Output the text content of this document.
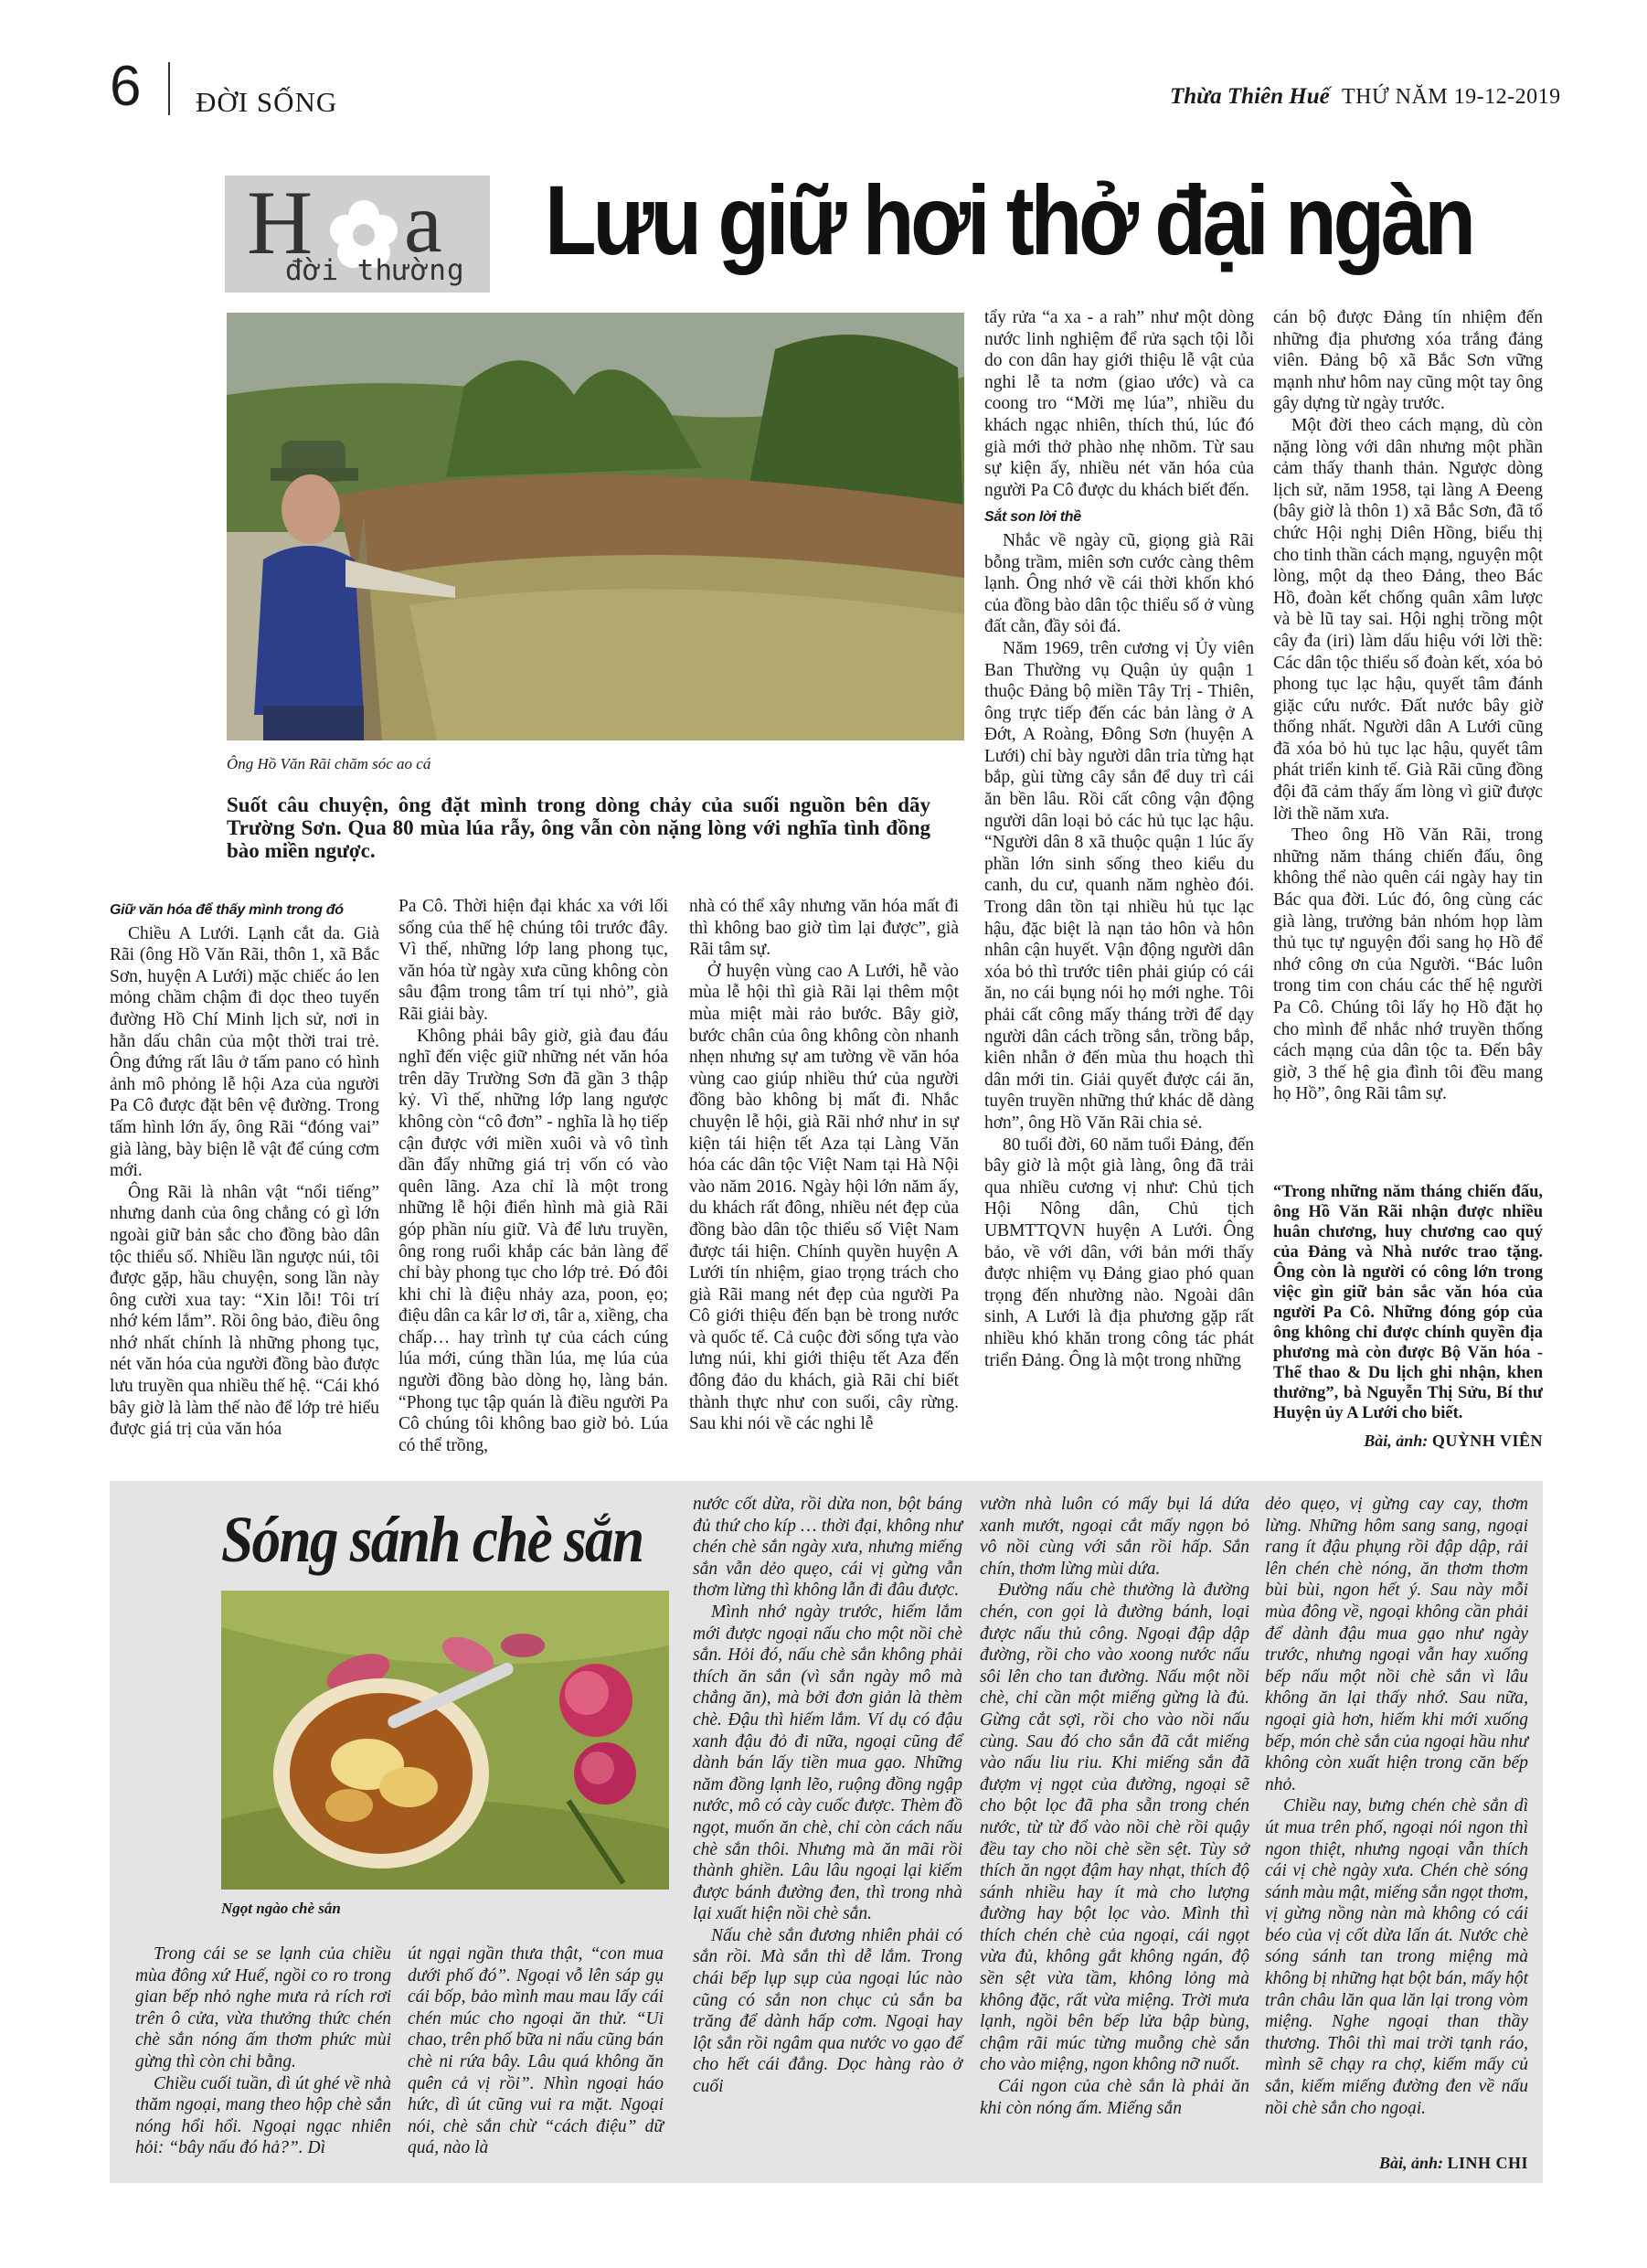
6 ĐỜI SỐNG	Thừa Thiên Huế THỨ NĂM 19-12-2019
H a
đời thường Lưu giữ hơi thở đại ngàn
Ông Hồ Văn Rãi chăm sóc ao cá
Suốt câu chuyện, ông đặt mình trong dòng chảy của suối nguồn bên dãy Trường Sơn. Qua 80 mùa lúa rẫy, ông vẫn còn nặng lòng với nghĩa tình đồng bào miền ngược.
Giữ văn hóa để thấy mình trong đó

Chiều A Lưới. Lạnh cắt da. Già Rãi (ông Hồ Văn Rãi, thôn 1, xã Bắc Sơn, huyện A Lưới) mặc chiếc áo len mỏng chầm chậm đi dọc theo tuyến đường Hồ Chí Minh lịch sử, nơi in hằn dấu chân của một thời trai trẻ. Ông đứng rất lâu ở tấm pano có hình ảnh mô phỏng lễ hội Aza của người Pa Cô được đặt bên vệ đường. Trong tấm hình lớn ấy, ông Rãi “đóng vai” già làng, bày biện lễ vật để cúng cơm mới.

Ông Rãi là nhân vật “nổi tiếng” nhưng danh của ông chẳng có gì lớn ngoài giữ bản sắc cho đồng bào dân tộc thiểu số. Nhiều lần ngược núi, tôi được gặp, hầu chuyện, song lần này ông cười xua tay: “Xin lỗi! Tôi trí nhớ kém lắm”. Rồi ông bảo, điều ông nhớ nhất chính là những phong tục, nét văn hóa của người đồng bào được lưu truyền qua nhiều thế hệ. “Cái khó bây giờ là làm thế nào để lớp trẻ hiểu được giá trị của văn hóa

Pa Cô. Thời hiện đại khác xa với lối sống của thế hệ chúng tôi trước đây. Vì thế, những lớp lang phong tục, văn hóa từ ngày xưa cũng không còn sâu đậm trong tâm trí tụi nhỏ”, già Rãi giải bày.

Không phải bây giờ, già đau đáu nghĩ đến việc giữ những nét văn hóa trên dãy Trường Sơn đã gần 3 thập kỷ. Vì thế, những lớp lang ngược không còn “cô đơn” - nghĩa là họ tiếp cận được với miền xuôi và vô tình dần đẩy những giá trị vốn có vào quên lãng. Aza chỉ là một trong những lễ hội điển hình mà già Rãi góp phần níu giữ. Và để lưu truyền, ông rong ruổi khắp các bản làng để chỉ bày phong tục cho lớp trẻ. Đó đôi khi chỉ là điệu nhảy aza, poon, ẹo; điệu dân ca kâr lơ ơi, târ a, xiềng, cha chấp… hay trình tự của cách cúng lúa mới, cúng thần lúa, mẹ lúa của người đồng bào dòng họ, làng bản. “Phong tục tập quán là điều người Pa Cô chúng tôi không bao giờ bỏ. Lúa có thể trồng,

nhà có thể xây nhưng văn hóa mất đi thì không bao giờ tìm lại được”, già Rãi tâm sự.

Ở huyện vùng cao A Lưới, hễ vào mùa lễ hội thì già Rãi lại thêm một mùa miệt mài rảo bước. Bây giờ, bước chân của ông không còn nhanh nhẹn nhưng sự am tường về văn hóa vùng cao giúp nhiều thứ của người đồng bào không bị mất đi. Nhắc chuyện lễ hội, già Rãi nhớ như in sự kiện tái hiện tết Aza tại Làng Văn hóa các dân tộc Việt Nam tại Hà Nội vào năm 2016. Ngày hội lớn năm ấy, du khách rất đông, nhiều nét đẹp của đồng bào dân tộc thiểu số Việt Nam được tái hiện. Chính quyền huyện A Lưới tín nhiệm, giao trọng trách cho già Rãi mang nét đẹp của người Pa Cô giới thiệu đến bạn bè trong nước và quốc tế. Cả cuộc đời sống tựa vào lưng núi, khi giới thiệu tết Aza đến đông đảo du khách, già Rãi chỉ biết thành thực như con suối, cây rừng. Sau khi nói về các nghi lễ

tẩy rửa “a xa - a rah” như một dòng nước linh nghiệm để rửa sạch tội lỗi do con dân hay giới thiệu lễ vật của nghi lễ ta nơm (giao ước) và ca coong tro “Mời mẹ lúa”, nhiều du khách ngạc nhiên, thích thú, lúc đó già mới thở phào nhẹ nhõm. Từ sau sự kiện ấy, nhiều nét văn hóa của người Pa Cô được du khách biết đến.

Sắt son lời thề

Nhắc về ngày cũ, giọng già Rãi bỗng trầm, miên sơn cước càng thêm lạnh. Ông nhớ về cái thời khốn khó của đồng bào dân tộc thiểu số ở vùng đất cằn, đầy sỏi đá.

Năm 1969, trên cương vị Ủy viên Ban Thường vụ Quận ủy quận 1 thuộc Đảng bộ miền Tây Trị - Thiên, ông trực tiếp đến các bản làng ở A Đớt, A Roàng, Đông Sơn (huyện A Lưới) chỉ bày người dân trỉa từng hạt bắp, gùi từng cây sắn để duy trì cái ăn bền lâu. Rồi cất công vận động người dân loại bỏ các hủ tục lạc hậu. “Người dân 8 xã thuộc quận 1 lúc ấy phần lớn sinh sống theo kiểu du canh, du cư, quanh năm nghèo đói. Trong dân tồn tại nhiều hủ tục lạc hậu, đặc biệt là nạn tảo hôn và hôn nhân cận huyết. Vận động người dân xóa bỏ thì trước tiên phải giúp có cái ăn, no cái bụng nói họ mới nghe. Tôi phải cất công mấy tháng trời để dạy người dân cách trồng sắn, trồng bắp, kiên nhẫn ở đến mùa thu hoạch thì dân mới tin. Giải quyết được cái ăn, tuyên truyền những thứ khác dễ dàng hơn”, ông Hồ Văn Rãi chia sẻ.

80 tuổi đời, 60 năm tuổi Đảng, đến bây giờ là một già làng, ông đã trải qua nhiều cương vị như: Chủ tịch Hội Nông dân, Chủ tịch UBMTTQVN huyện A Lưới. Ông bảo, về với dân, với bản mới thấy được nhiệm vụ Đảng giao phó quan trọng đến nhường nào. Ngoài dân sinh, A Lưới là địa phương gặp rất nhiều khó khăn trong công tác phát triển Đảng. Ông là một trong những

cán bộ được Đảng tín nhiệm đến những địa phương xóa trắng đảng viên. Đảng bộ xã Bắc Sơn vững mạnh như hôm nay cũng một tay ông gây dựng từ ngày trước.

Một đời theo cách mạng, dù còn nặng lòng với dân nhưng một phần cảm thấy thanh thản. Ngược dòng lịch sử, năm 1958, tại làng A Đeeng (bây giờ là thôn 1) xã Bắc Sơn, đã tổ chức Hội nghị Diên Hồng, biểu thị cho tinh thần cách mạng, nguyện một lòng, một dạ theo Đảng, theo Bác Hồ, đoàn kết chống quân xâm lược và bè lũ tay sai. Hội nghị trồng một cây đa (iri) làm dấu hiệu với lời thề: Các dân tộc thiểu số đoàn kết, xóa bỏ phong tục lạc hậu, quyết tâm đánh giặc cứu nước. Đất nước bây giờ thống nhất. Người dân A Lưới cũng đã xóa bỏ hủ tục lạc hậu, quyết tâm phát triển kinh tế. Già Rãi cũng đồng đội đã cảm thấy ấm lòng vì giữ được lời thề năm xưa.

Theo ông Hồ Văn Rãi, trong những năm tháng chiến đấu, ông không thể nào quên cái ngày hay tin Bác qua đời. Lúc đó, ông cùng các già làng, trưởng bản nhóm họp làm thủ tục tự nguyện đổi sang họ Hồ để nhớ công ơn của Người. “Bác luôn trong tim con cháu các thế hệ người Pa Cô. Chúng tôi lấy họ Hồ đặt họ cho mình để nhắc nhớ truyền thống cách mạng của dân tộc ta. Đến bây giờ, 3 thế hệ gia đình tôi đều mang họ Hồ”, ông Rãi tâm sự.

“Trong những năm tháng chiến đấu, ông Hồ Văn Rãi nhận được nhiều huân chương, huy chương cao quý của Đảng và Nhà nước trao tặng. Ông còn là người có công lớn trong việc gìn giữ bản sắc văn hóa của người Pa Cô. Những đóng góp của ông không chỉ được chính quyền địa phương mà còn được Bộ Văn hóa - Thể thao & Du lịch ghi nhận, khen thưởng”, bà Nguyễn Thị Sửu, Bí thư Huyện ủy A Lưới cho biết.
Bài, ảnh: QUỲNH VIÊN
Sóng sánh chè sắn
Ngọt ngào chè sắn

Trong cái se se lạnh của chiều mùa đông xứ Huế, ngồi co ro trong gian bếp nhỏ nghe mưa rả rích rơi trên ô cửa, vừa thưởng thức chén chè sắn nóng ấm thơm phức mùi gừng thì còn chi bằng.

Chiều cuối tuần, dì út ghé về nhà thăm ngoại, mang theo hộp chè sắn nóng hổi hổi. Ngoại ngạc nhiên hỏi: “bây nấu đó hả?”. Dì

út ngại ngần thưa thật, “con mua dưới phố đó”. Ngoại vỗ lên sáp gụ cái bốp, bảo mình mau mau lấy cái chén múc cho ngoại ăn thử. “Ui chao, trên phố bữa ni nấu cũng bán chè ni rứa bây. Lâu quá không ăn quên cả vị rồi”. Nhìn ngoại háo hức, dì út cũng vui ra mặt. Ngoại nói, chè sắn chừ “cách điệu” dữ quá, nào là

nước cốt dừa, rồi dừa non, bột báng đủ thứ cho kíp … thời đại, không như chén chè sắn ngày xưa, nhưng miếng sắn vẫn dẻo quẹo, cái vị gừng vẫn thơm lừng thì không lẫn đi đâu được.

Mình nhớ ngày trước, hiếm lắm mới được ngoại nấu cho một nồi chè sắn. Hỏi đó, nấu chè sắn không phải thích ăn sắn (vì sắn ngày mô mà chẳng ăn), mà bởi đơn giản là thèm chè. Đậu thì hiếm lắm. Ví dụ có đậu xanh đậu đỏ đi nữa, ngoại cũng để dành bán lấy tiền mua gạo. Những năm đồng lạnh lẽo, ruộng đồng ngập nước, mô có cày cuốc được. Thèm đồ ngọt, muốn ăn chè, chỉ còn cách nấu chè sắn thôi. Nhưng mà ăn mãi rồi thành ghiền. Lâu lâu ngoại lại kiếm được bánh đường đen, thì trong nhà lại xuất hiện nồi chè sắn.

Nấu chè sắn đương nhiên phải có sắn rồi. Mà sắn thì dễ lắm. Trong chái bếp lụp sụp của ngoại lúc nào cũng có sắn non chục củ sắn ba trăng để dành hấp cơm. Ngoại hay lột sắn rồi ngâm qua nước vo gạo để cho hết cái đắng. Dọc hàng rào ở cuối

vườn nhà luôn có mấy bụi lá dứa xanh mướt, ngoại cắt mấy ngọn bỏ vô nồi cùng với sắn rồi hấp. Sắn chín, thơm lừng mùi dứa.

Đường nấu chè thường là đường chén, con gọi là đường bánh, loại được nấu thủ công. Ngoại đập dập đường, rồi cho vào xoong nước nấu sôi lên cho tan đường. Nấu một nồi chè, chỉ cần một miếng gừng là đủ. Gừng cắt sợi, rồi cho vào nồi nấu cùng. Sau đó cho sắn đã cắt miếng vào nấu liu riu. Khi miếng sắn đã đượm vị ngọt của đường, ngoại sẽ cho bột lọc đã pha sẵn trong chén nước, từ từ đổ vào nồi chè rồi quậy đều tay cho nồi chè sền sệt. Tùy sở thích ăn ngọt đậm hay nhạt, thích độ sánh nhiều hay ít mà cho lượng đường hay bột lọc vào. Mình thì thích chén chè của ngoại, cái ngọt vừa đủ, không gắt không ngán, độ sền sệt vừa tầm, không lỏng mà không đặc, rất vừa miệng. Trời mưa lạnh, ngồi bên bếp lửa bập bùng, chậm rãi múc từng muỗng chè sắn cho vào miệng, ngon không nỡ nuốt.

Cái ngon của chè sắn là phải ăn khi còn nóng ấm. Miếng sắn

dẻo quẹo, vị gừng cay cay, thơm lừng. Những hôm sang sang, ngoại rang ít đậu phụng rồi đập dập, rải lên chén chè nóng, ăn thơm thơm bùi bùi, ngon hết ý. Sau này mỗi mùa đông về, ngoại không cần phải để dành đậu mua gạo như ngày trước, nhưng ngoại vẫn hay xuống bếp nấu một nồi chè sắn vì lâu không ăn lại thấy nhớ. Sau nữa, ngoại già hơn, hiếm khi mới xuống bếp, món chè sắn của ngoại hầu như không còn xuất hiện trong căn bếp nhỏ.

Chiều nay, bưng chén chè sắn dì út mua trên phố, ngoại nói ngon thì ngon thiệt, nhưng ngoại vẫn thích cái vị chè ngày xưa. Chén chè sóng sánh màu mật, miếng sắn ngọt thơm, vị gừng nồng nàn mà không có cái béo của vị cốt dừa lấn át. Nước chè sóng sánh tan trong miệng mà không bị những hạt bột bán, mấy hột trân châu lăn qua lăn lại trong vòm miệng. Nghe ngoại than thầy thương. Thôi thì mai trời tạnh ráo, mình sẽ chạy ra chợ, kiếm mấy củ sắn, kiếm miếng đường đen về nấu nồi chè sắn cho ngoại.

Bài, ảnh: LINH CHI
